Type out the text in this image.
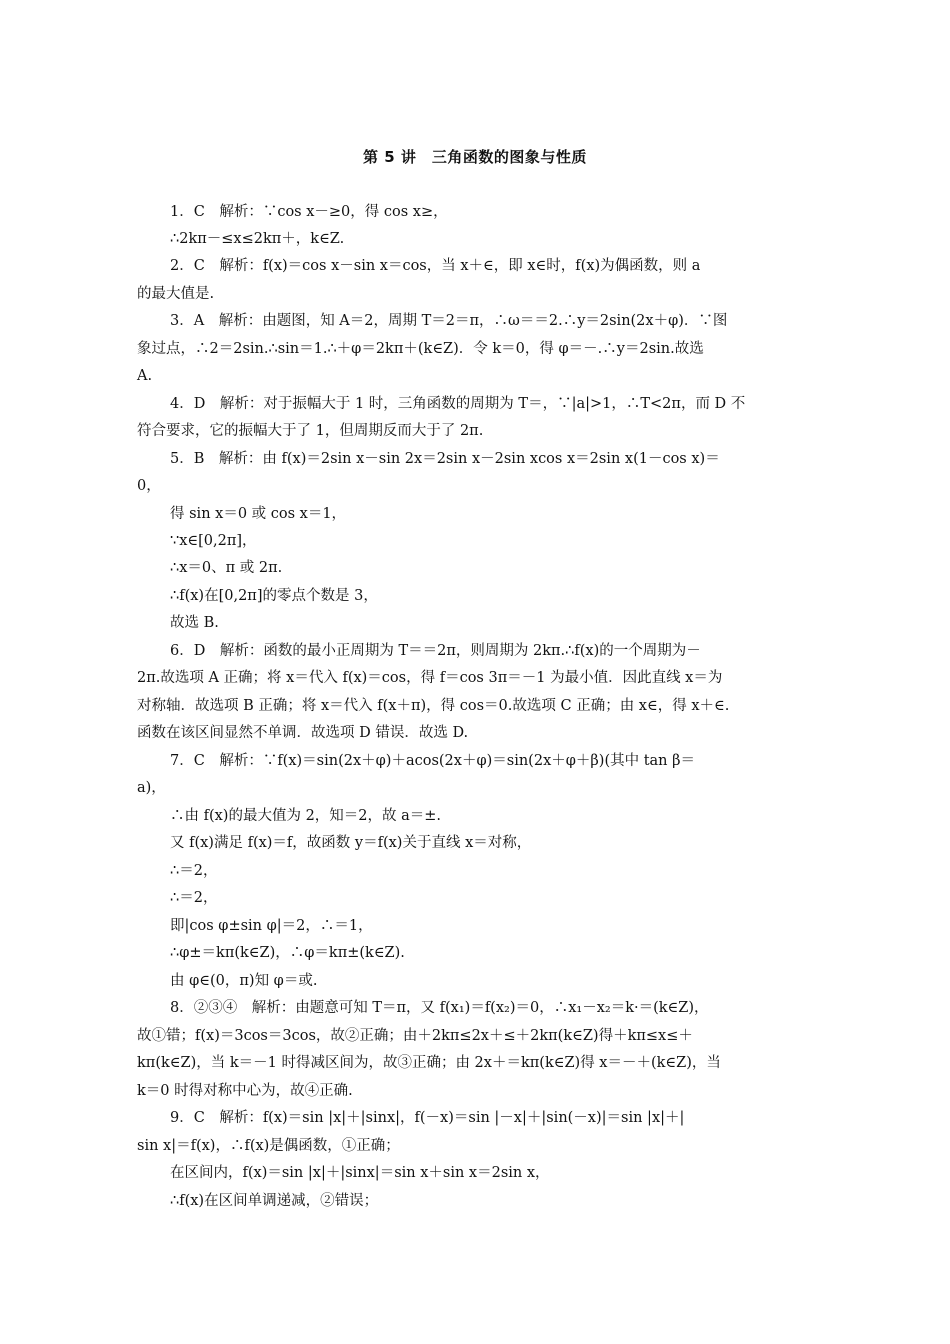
第 5 讲　三角函数的图象与性质
1．C　解析：∵cos x－≥0，得 cos x≥，
∴2kπ－≤x≤2kπ＋，k∈Z.
2．C　解析：f(x)＝cos x－sin x＝cos，当 x＋∈，即 x∈时，f(x)为偶函数，则 a
的最大值是.
3．A　解析：由题图，知 A＝2，周期 T＝2＝π，∴ω＝＝2.∴y＝2sin(2x＋φ)．∵图
象过点，∴2＝2sin.∴sin＝1.∴＋φ＝2kπ＋(k∈Z)．令 k＝0，得 φ＝－.∴y＝2sin.故选
A.
4．D　解析：对于振幅大于 1 时，三角函数的周期为 T＝，∵|a|>1，∴T<2π，而 D 不
符合要求，它的振幅大于了 1，但周期反而大于了 2π.
5．B　解析：由 f(x)＝2sin x－sin 2x＝2sin x－2sin xcos x＝2sin x(1－cos x)＝
0，
得 sin x＝0 或 cos x＝1，
∵x∈[0,2π]，
∴x＝0、π 或 2π.
∴f(x)在[0,2π]的零点个数是 3，
故选 B.
6．D　解析：函数的最小正周期为 T＝＝2π，则周期为 2kπ.∴f(x)的一个周期为－
2π.故选项 A 正确；将 x＝代入 f(x)＝cos，得 f＝cos 3π＝－1 为最小值．因此直线 x＝为
对称轴．故选项 B 正确；将 x＝代入 f(x＋π)，得 cos＝0.故选项 C 正确；由 x∈，得 x＋∈.
函数在该区间显然不单调．故选项 D 错误．故选 D.
7．C　解析：∵f(x)＝sin(2x＋φ)＋acos(2x＋φ)＝sin(2x＋φ＋β)(其中 tan β＝
a)，
∴由 f(x)的最大值为 2，知＝2，故 a＝±.
又 f(x)满足 f(x)＝f，故函数 y＝f(x)关于直线 x＝对称，
∴＝2，
∴＝2，
即|cos φ±sin φ|＝2，∴＝1，
∴φ±＝kπ(k∈Z)，∴φ＝kπ±(k∈Z).
由 φ∈(0，π)知 φ＝或.
8．②③④　解析：由题意可知 T＝π，又 f(x₁)＝f(x₂)＝0，∴x₁－x₂＝k·＝(k∈Z)，
故①错；f(x)＝3cos＝3cos，故②正确；由＋2kπ≤2x＋≤＋2kπ(k∈Z)得＋kπ≤x≤＋
kπ(k∈Z)，当 k＝－1 时得减区间为，故③正确；由 2x＋＝kπ(k∈Z)得 x＝－＋(k∈Z)，当
k＝0 时得对称中心为，故④正确.
9．C　解析：f(x)＝sin |x|＋|sinx|，f(－x)＝sin |－x|＋|sin(－x)|＝sin |x|＋|
sin x|＝f(x)，∴f(x)是偶函数，①正确；
在区间内，f(x)＝sin |x|＋|sinx|＝sin x＋sin x＝2sin x，
∴f(x)在区间单调递减，②错误；
